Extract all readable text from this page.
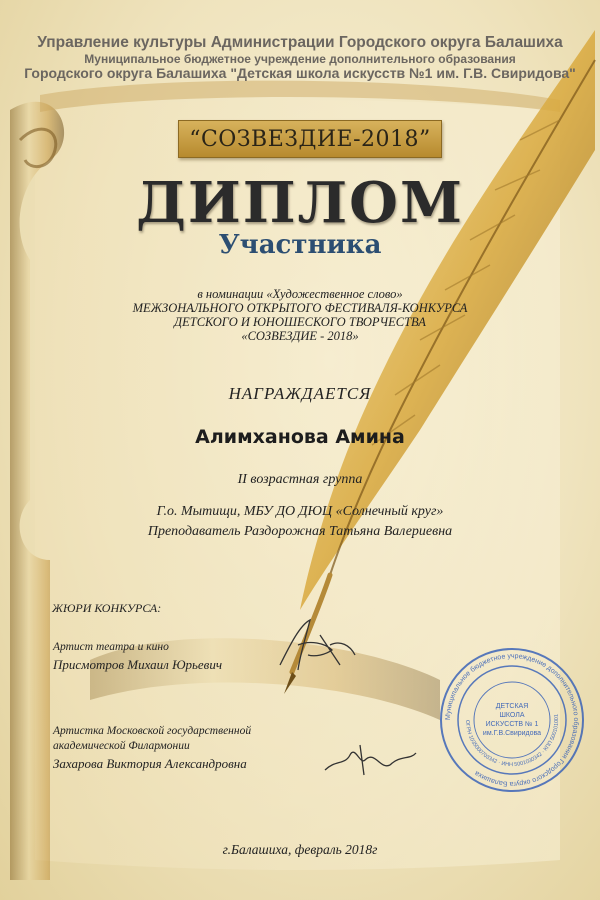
Управление культуры Администрации Городского округа Балашиха
Муниципальное бюджетное учреждение дополнительного образования
Городского округа Балашиха "Детская школа искусств №1 им. Г.В. Свиридова"
“СОЗВЕЗДИЕ-2018”
ДИПЛОМ
Участника
в номинации «Художественное слово»
МЕЖЗОНАЛЬНОГО ОТКРЫТОГО ФЕСТИВАЛЯ-КОНКУРСА
ДЕТСКОГО И ЮНОШЕСКОГО ТВОРЧЕСТВА
«СОЗВЕЗДИЕ - 2018»
НАГРАЖДАЕТСЯ
Алимханова Амина
II возрастная группа
Г.о. Мытищи, МБУ ДО ДЮЦ «Солнечный круг»
Преподаватель Раздорожная Татьяна Валериевна
ЖЮРИ КОНКУРСА:
Артист театра и кино
Присмотров Михаил Юрьевич
Артистка Московской государственной
академической Филармонии
Захарова Виктория Александровна
Муниципальное бюджетное учреждение дополнительного образования Городского округа Балашиха
ОГРН 1035000703342 · ИНН 5001030342 · КПП 500101001
ДЕТСКАЯ
ШКОЛА
ИСКУССТВ № 1
им.Г.В.Свиридова
г.Балашиха, февраль 2018г
